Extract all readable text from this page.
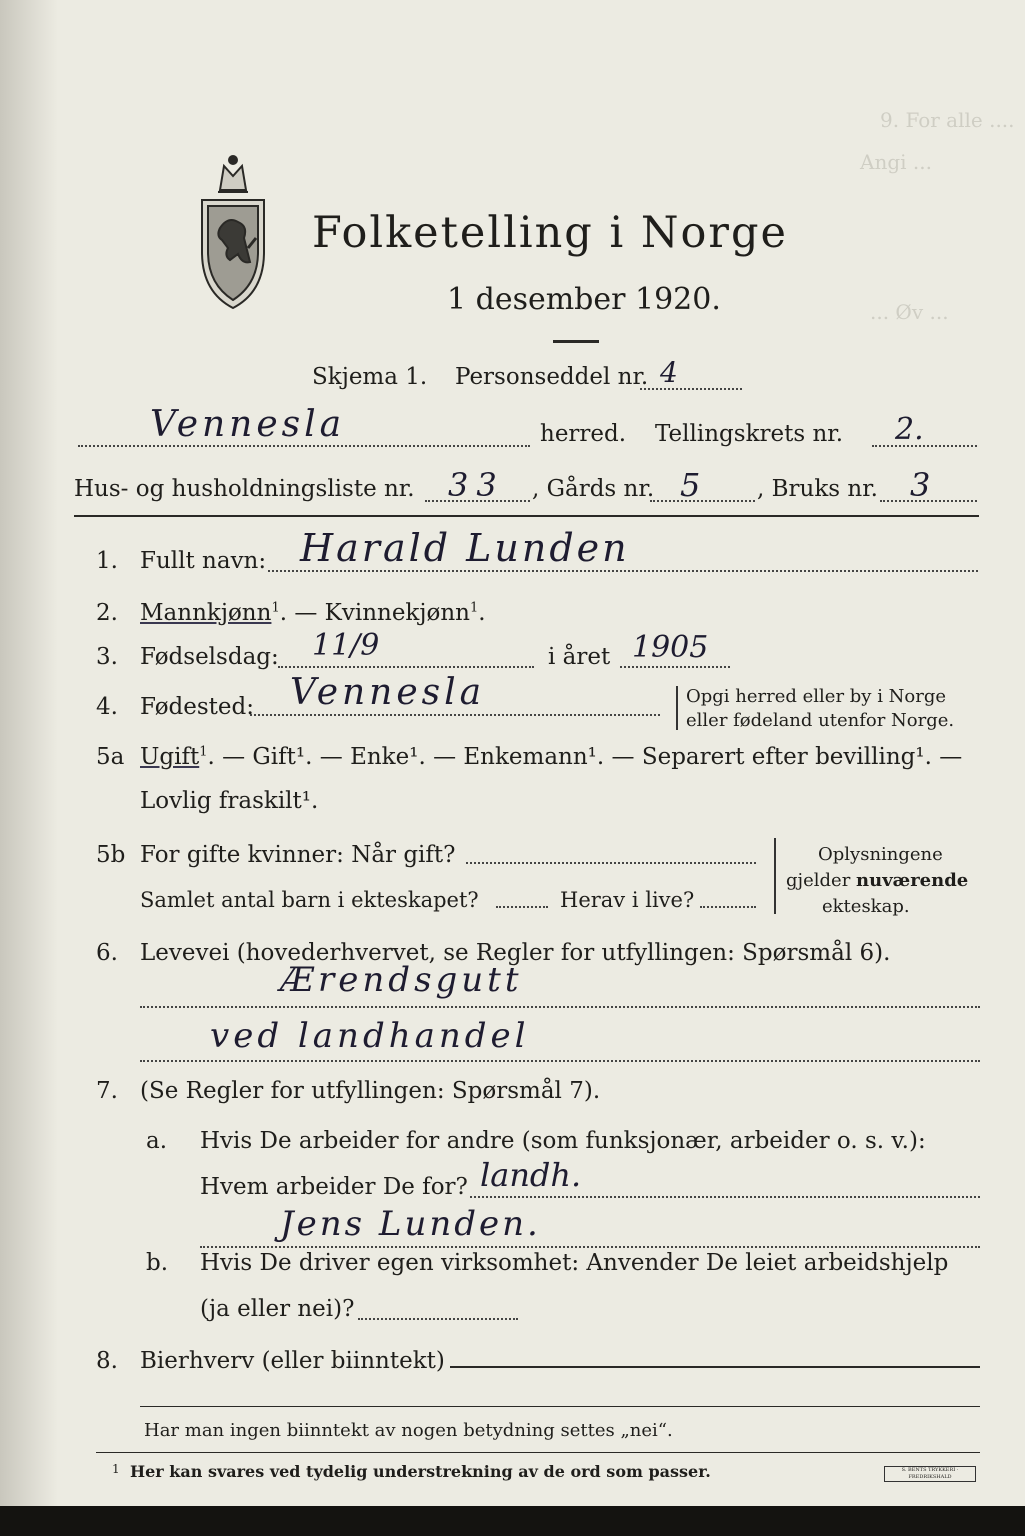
9. For alle ....
Angi ...
... Øv ...
Folketelling i Norge
1 desember 1920.
Skjema 1. Personseddel nr. 4
Vennesla	herred. Tellingskrets nr. 2.
Hus- og husholdningsliste nr. 33 , Gårds nr. 5 , Bruks nr. 3
1. Fullt navn: Harald Lunden
2. Mannkjønn$^1$. — Kvinnekjønn$^1$.
3. Fødselsdag: 11/9	i året 1905
4. Fødested: Vennesla	Opgi herred eller by i Norge
eller fødeland utenfor Norge.
5a Ugift$^1$. — Gift¹. — Enke¹. — Enkemann¹. — Separert efter bevilling¹. —
Lovlig fraskilt¹.
5b For gifte kvinner: Når gift?
Samlet antal barn i ekteskapet?	Herav i live?
Oplysningene
gjelder nuværende
ekteskap.
6. Levevei (hovederhvervet, se Regler for utfyllingen: Spørsmål 6).
Ærendsgutt
ved landhandel
7. (Se Regler for utfyllingen: Spørsmål 7).
a. Hvis De arbeider for andre (som funksjonær, arbeider o. s. v.):
Hvem arbeider De for? landh.
Jens Lunden.
b. Hvis De driver egen virksomhet: Anvender De leiet arbeidshjelp
(ja eller nei)?
8. Bierhverv (eller biinntekt)
Har man ingen biinntekt av nogen betydning settes „nei“.
1 Her kan svares ved tydelig understrekning av de ord som passer.	S. BENTS TRYKKERI · FREDRIKSHALD
